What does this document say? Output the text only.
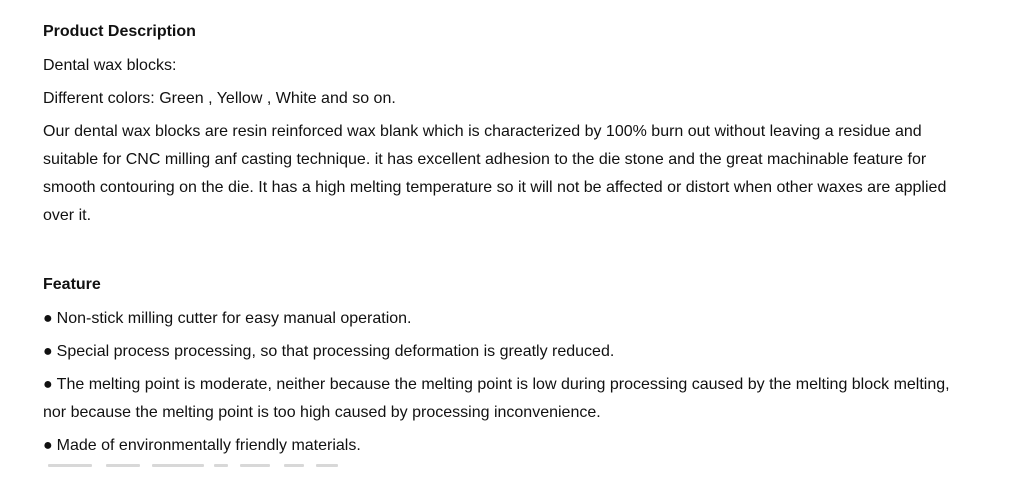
Product Description
Dental wax blocks:
Different colors: Green , Yellow , White and so on.
Our dental wax blocks are resin reinforced wax blank which is characterized by 100% burn out without leaving a residue and suitable for CNC milling anf casting technique. it has excellent adhesion to the die stone and the great machinable feature for smooth contouring on the die. It has a high melting temperature so it will not be affected or distort when other waxes are applied over it.
Feature
● Non-stick milling cutter for easy manual operation.
● Special process processing, so that processing deformation is greatly reduced.
● The melting point is moderate, neither because the melting point is low during processing caused by the melting block melting, nor because the melting point is too high caused by processing inconvenience.
● Made of environmentally friendly materials.
